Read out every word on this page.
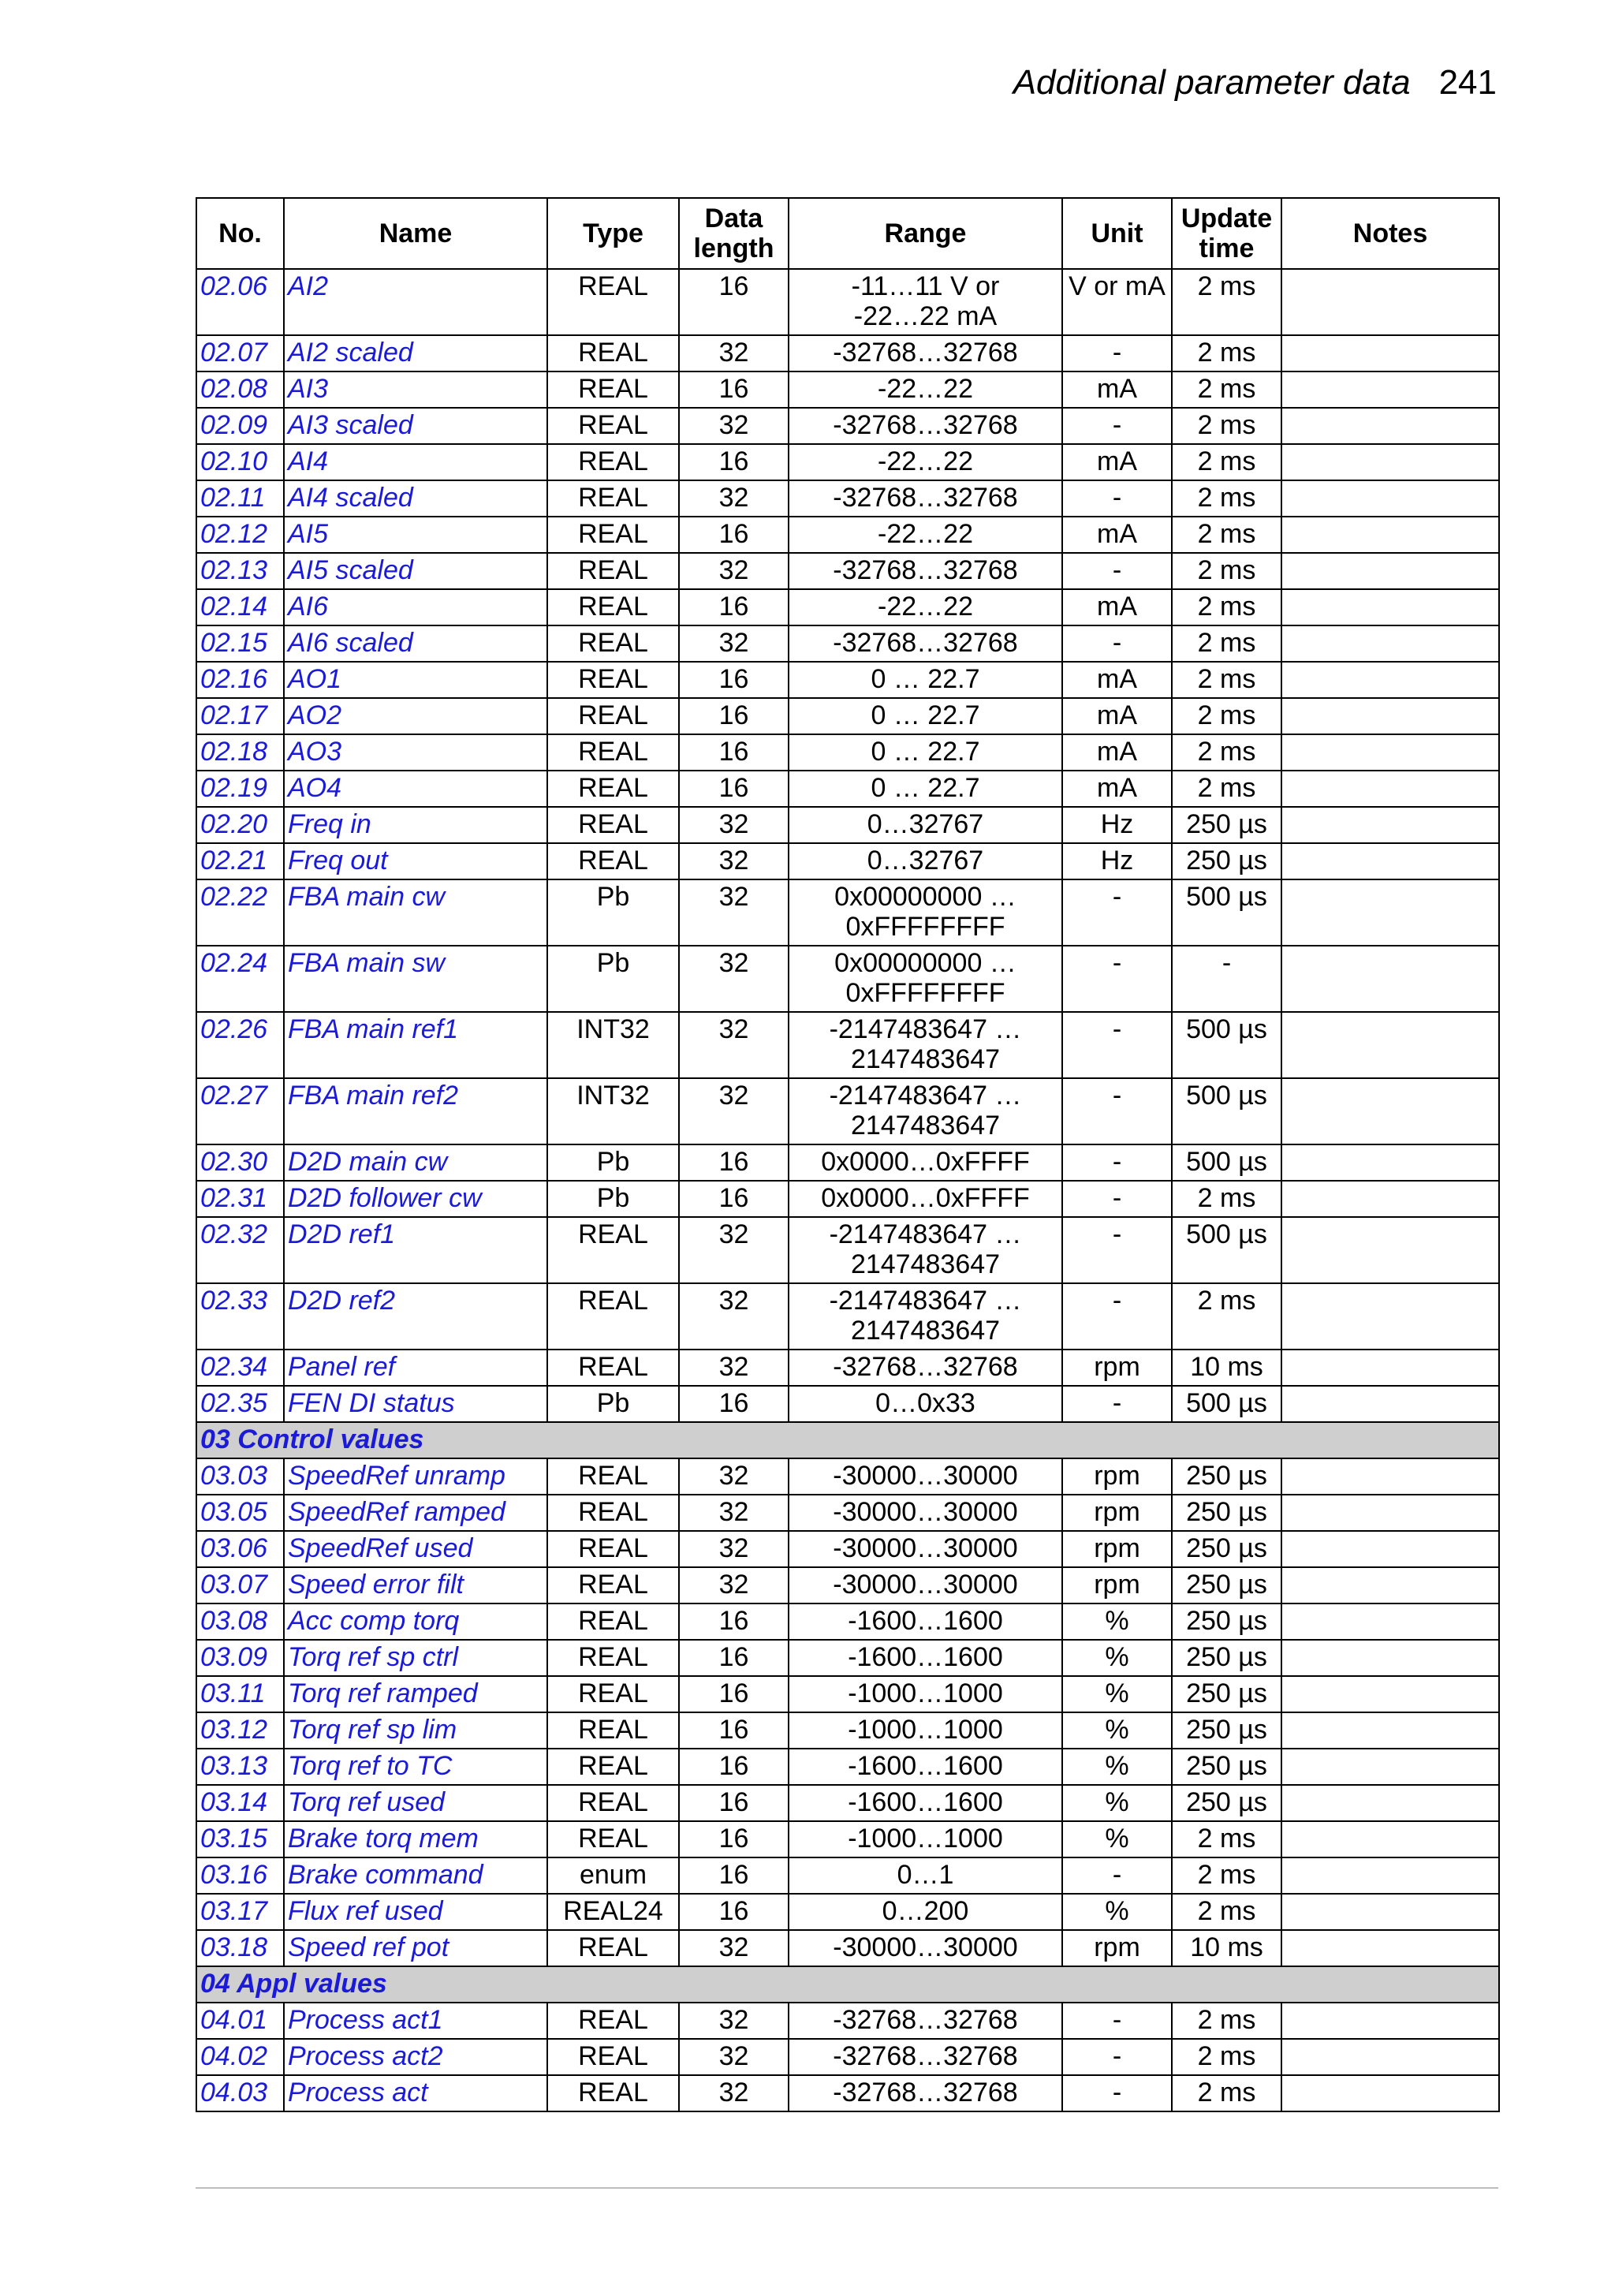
Additional parameter data 241
No.	Name	Type	Data length	Range	Unit	Update time	Notes
02.06	AI2	REAL	16	-11…11 V or
-22…22 mA	V or mA	2 ms	
02.07	AI2 scaled	REAL	32	-32768…32768	-	2 ms	
02.08	AI3	REAL	16	-22…22	mA	2 ms	
02.09	AI3 scaled	REAL	32	-32768…32768	-	2 ms	
02.10	AI4	REAL	16	-22…22	mA	2 ms	
02.11	AI4 scaled	REAL	32	-32768…32768	-	2 ms	
02.12	AI5	REAL	16	-22…22	mA	2 ms	
02.13	AI5 scaled	REAL	32	-32768…32768	-	2 ms	
02.14	AI6	REAL	16	-22…22	mA	2 ms	
02.15	AI6 scaled	REAL	32	-32768…32768	-	2 ms	
02.16	AO1	REAL	16	0 … 22.7	mA	2 ms	
02.17	AO2	REAL	16	0 … 22.7	mA	2 ms	
02.18	AO3	REAL	16	0 … 22.7	mA	2 ms	
02.19	AO4	REAL	16	0 … 22.7	mA	2 ms	
02.20	Freq in	REAL	32	0…32767	Hz	250 µs	
02.21	Freq out	REAL	32	0…32767	Hz	250 µs	
02.22	FBA main cw	Pb	32	0x00000000 …
0xFFFFFFFF	-	500 µs	
02.24	FBA main sw	Pb	32	0x00000000 …
0xFFFFFFFF	-	-	
02.26	FBA main ref1	INT32	32	-2147483647 …
2147483647	-	500 µs	
02.27	FBA main ref2	INT32	32	-2147483647 …
2147483647	-	500 µs	
02.30	D2D main cw	Pb	16	0x0000…0xFFFF	-	500 µs	
02.31	D2D follower cw	Pb	16	0x0000…0xFFFF	-	2 ms	
02.32	D2D ref1	REAL	32	-2147483647 …
2147483647	-	500 µs	
02.33	D2D ref2	REAL	32	-2147483647 …
2147483647	-	2 ms	
02.34	Panel ref	REAL	32	-32768…32768	rpm	10 ms	
02.35	FEN DI status	Pb	16	0…0x33	-	500 µs	
03 Control values							
03.03	SpeedRef unramp	REAL	32	-30000…30000	rpm	250 µs	
03.05	SpeedRef ramped	REAL	32	-30000…30000	rpm	250 µs	
03.06	SpeedRef used	REAL	32	-30000…30000	rpm	250 µs	
03.07	Speed error filt	REAL	32	-30000…30000	rpm	250 µs	
03.08	Acc comp torq	REAL	16	-1600…1600	%	250 µs	
03.09	Torq ref sp ctrl	REAL	16	-1600…1600	%	250 µs	
03.11	Torq ref ramped	REAL	16	-1000…1000	%	250 µs	
03.12	Torq ref sp lim	REAL	16	-1000…1000	%	250 µs	
03.13	Torq ref to TC	REAL	16	-1600…1600	%	250 µs	
03.14	Torq ref used	REAL	16	-1600…1600	%	250 µs	
03.15	Brake torq mem	REAL	16	-1000…1000	%	2 ms	
03.16	Brake command	enum	16	0…1	-	2 ms	
03.17	Flux ref used	REAL24	16	0…200	%	2 ms	
03.18	Speed ref pot	REAL	32	-30000…30000	rpm	10 ms	
04 Appl values							
04.01	Process act1	REAL	32	-32768…32768	-	2 ms	
04.02	Process act2	REAL	32	-32768…32768	-	2 ms	
04.03	Process act	REAL	32	-32768…32768	-	2 ms	
